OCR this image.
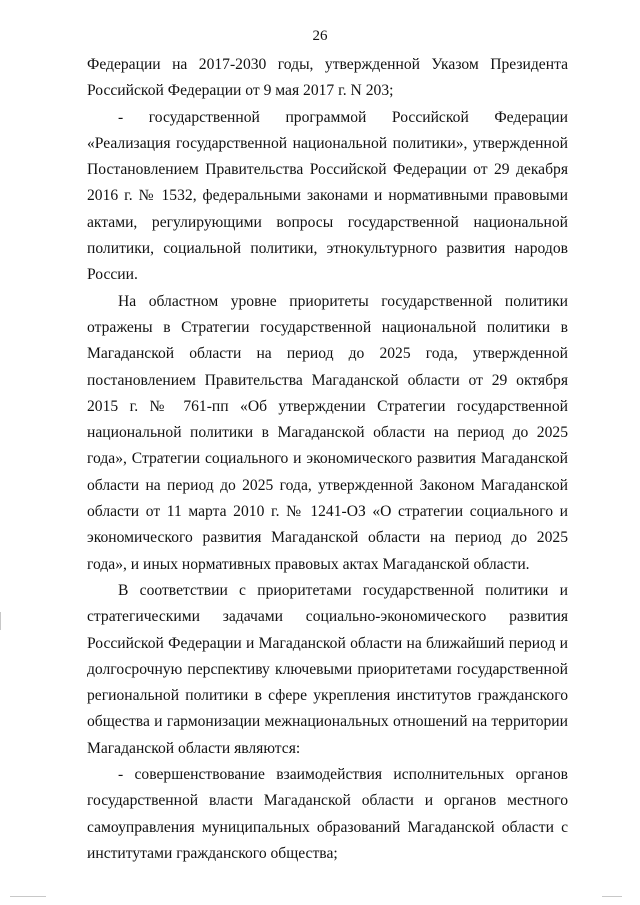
26

Федерации на 2017-2030 годы, утвержденной Указом Президента Российской Федерации от 9 мая 2017 г. N 203;

- государственной программой Российской Федерации «Реализация государственной национальной политики», утвержденной Постановлением Правительства Российской Федерации от 29 декабря 2016 г. № 1532, федеральными законами и нормативными правовыми актами, регулирующими вопросы государственной национальной политики, социальной политики, этнокультурного развития народов России.

На областном уровне приоритеты государственной политики отражены в Стратегии государственной национальной политики в Магаданской области на период до 2025 года, утвержденной постановлением Правительства Магаданской области от 29 октября 2015 г. № 761-пп «Об утверждении Стратегии государственной национальной политики в Магаданской области на период до 2025 года», Стратегии социального и экономического развития Магаданской области на период до 2025 года, утвержденной Законом Магаданской области от 11 марта 2010 г. № 1241-ОЗ «О стратегии социального и экономического развития Магаданской области на период до 2025 года», и иных нормативных правовых актах Магаданской области.

В соответствии с приоритетами государственной политики и стратегическими задачами социально-экономического развития Российской Федерации и Магаданской области на ближайший период и долгосрочную перспективу ключевыми приоритетами государственной региональной политики в сфере укрепления институтов гражданского общества и гармонизации межнациональных отношений на территории Магаданской области являются:

- совершенствование взаимодействия исполнительных органов государственной власти Магаданской области и органов местного самоуправления муниципальных образований Магаданской области с институтами гражданского общества;
